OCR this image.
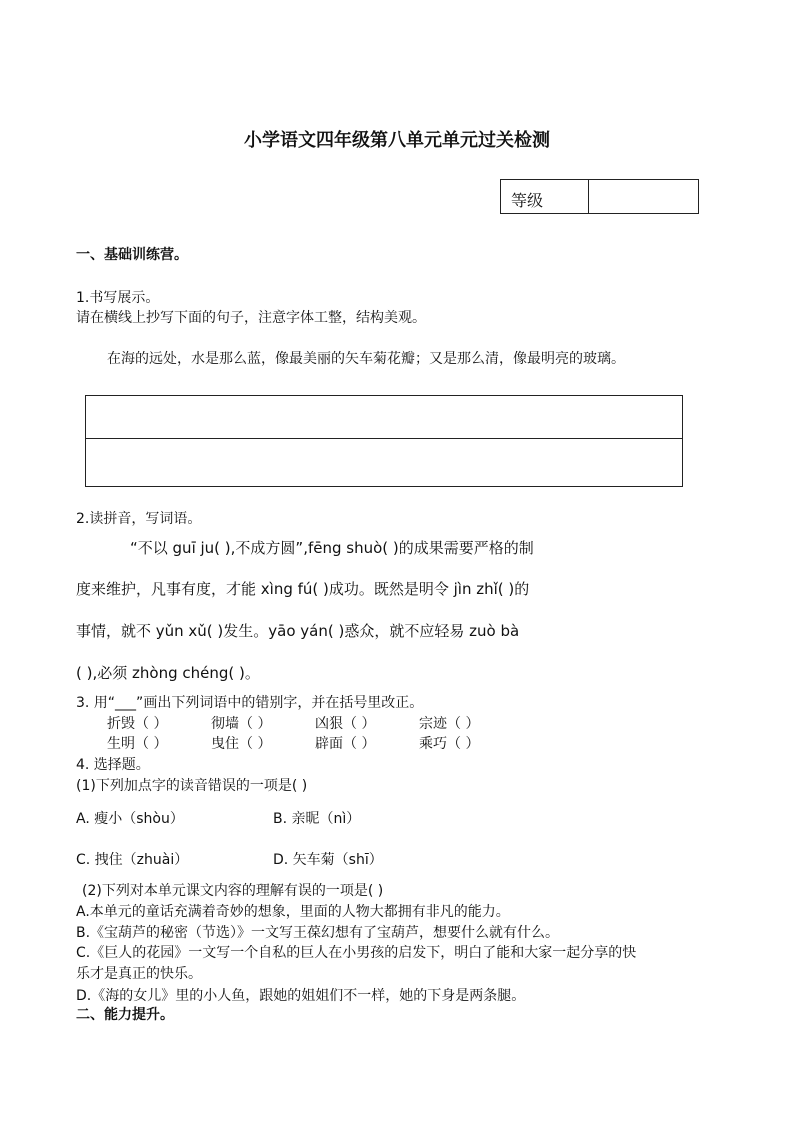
小学语文四年级第八单元单元过关检测
等级
一、基础训练营。
1.书写展示。
请在横线上抄写下面的句子，注意字体工整，结构美观。
在海的远处，水是那么蓝，像最美丽的矢车菊花瓣；又是那么清，像最明亮的玻璃。
2.读拼音，写词语。
“不以 guī ju( ),不成方圆”,fēng shuò( )的成果需要严格的制
度来维护，凡事有度，才能 xìng fú( )成功。既然是明令 jìn zhǐ( )的
事情，就不 yǔn xǔ( )发生。yāo yán( )惑众，就不应轻易 zuò bà
( ),必须 zhòng chéng( )。
3. 用“___”画出下列词语中的错别字，并在括号里改正。
折毁（ ）	彻墙（ ）	凶狠（ ）	宗迹（ ）
生明（ ）	曳住（ ）	辟面（ ）	乘巧（ ）
4. 选择题。
(1)下列加点字的读音错误的一项是( )
A. 瘦小（shòu）	B. 亲昵（nì）
C. 拽住（zhuài）	D. 矢车菊（shī）
(2)下列对本单元课文内容的理解有误的一项是( )
A.本单元的童话充满着奇妙的想象，里面的人物大都拥有非凡的能力。
B.《宝葫芦的秘密（节选）》一文写王葆幻想有了宝葫芦，想要什么就有什么。
C.《巨人的花园》一文写一个自私的巨人在小男孩的启发下，明白了能和大家一起分享的快
乐才是真正的快乐。
D.《海的女儿》里的小人鱼，跟她的姐姐们不一样，她的下身是两条腿。
二、能力提升。
